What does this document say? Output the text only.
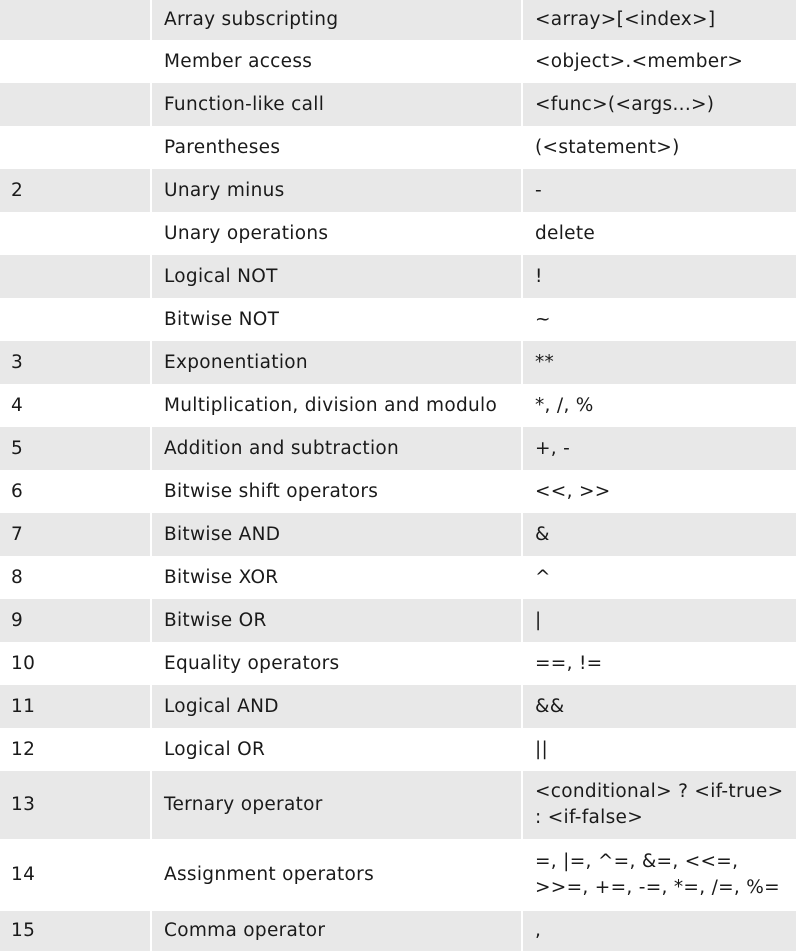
	Array subscripting	<array>[<index>]
	Member access	<object>.<member>
	Function-like call	<func>(<args...>)
	Parentheses	(<statement>)
2	Unary minus	-
	Unary operations	delete
	Logical NOT	!
	Bitwise NOT	~
3	Exponentiation	**
4	Multiplication, division and modulo	*, /, %
5	Addition and subtraction	+, -
6	Bitwise shift operators	<<, >>
7	Bitwise AND	&
8	Bitwise XOR	^
9	Bitwise OR	|
10	Equality operators	==, !=
11	Logical AND	&&
12	Logical OR	||
13	Ternary operator	<conditional> ? <if-true> : <if-false>
14	Assignment operators	=, |=, ^=, &=, <<=, >>=, +=, -=, *=, /=, %=
15	Comma operator	,
